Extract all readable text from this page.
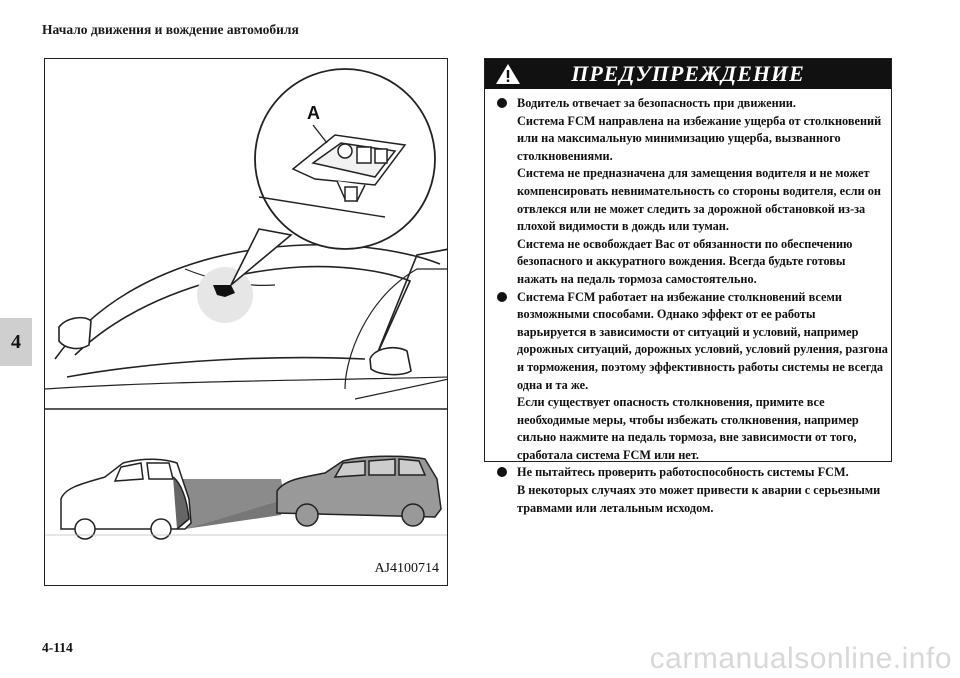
Начало движения и вождение автомобиля
4
A
AJ4100714
ПРЕДУПРЕЖДЕНИЕ
Водитель отвечает за безопасность при движении.
Система FCM направлена на избежание ущерба от столкновений
или на максимальную минимизацию ущерба, вызванного
столкновениями.
Система не предназначена для замещения водителя и не может
компенсировать невнимательность со стороны водителя, если он
отвлекся или не может следить за дорожной обстановкой из-за
плохой видимости в дождь или туман.
Система не освобождает Вас от обязанности по обеспечению
безопасного и аккуратного вождения. Всегда будьте готовы
нажать на педаль тормоза самостоятельно.
Система FCM работает на избежание столкновений всеми
возможными способами. Однако эффект от ее работы
варьируется в зависимости от ситуаций и условий, например
дорожных ситуаций, дорожных условий, условий руления, разгона
и торможения, поэтому эффективность работы системы не всегда
одна и та же.
Если существует опасность столкновения, примите все
необходимые меры, чтобы избежать столкновения, например
сильно нажмите на педаль тормоза, вне зависимости от того,
сработала система FCM или нет.
Не пытайтесь проверить работоспособность системы FCM.
В некоторых случаях это может привести к аварии с серьезными
травмами или летальным исходом.
4-114	carmanualsonline.info
